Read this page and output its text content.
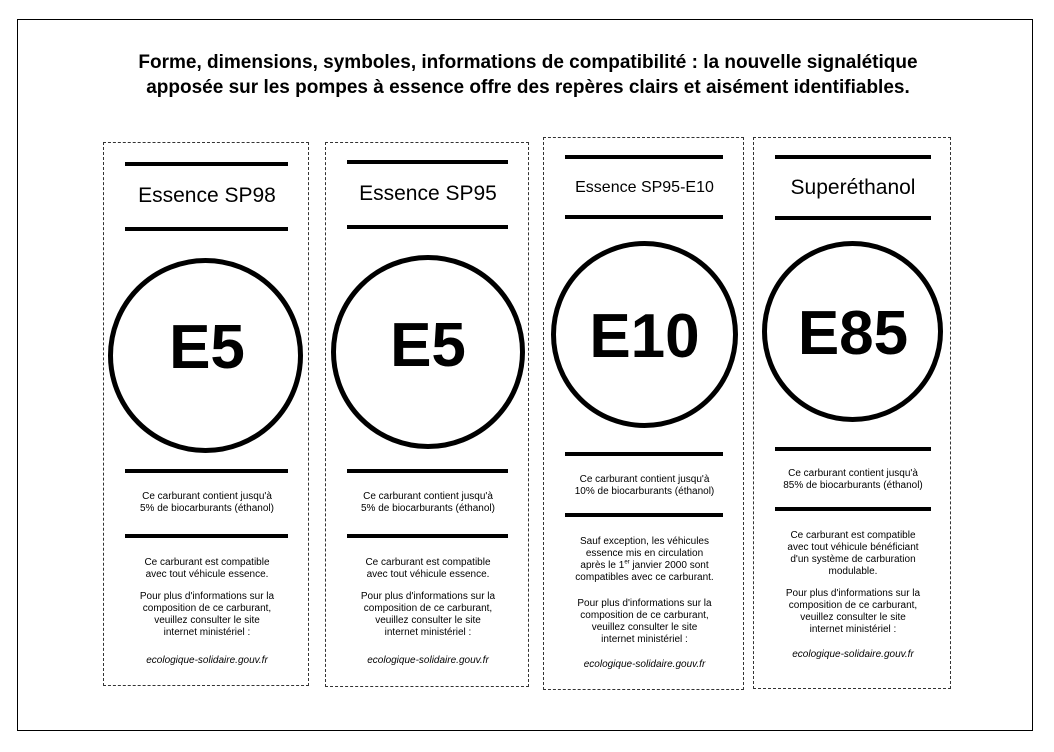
Forme, dimensions, symboles, informations de compatibilité : la nouvelle signalétique
apposée sur les pompes à essence offre des repères clairs et aisément identifiables.
Essence SP98
E5
Ce carburant contient jusqu'à
5% de biocarburants (éthanol)
Ce carburant est compatible
avec tout véhicule essence.
Pour plus d'informations sur la
composition de ce carburant,
veuillez consulter le site
internet ministériel :
ecologique-solidaire.gouv.fr
Essence SP95
E5
Ce carburant contient jusqu'à
5% de biocarburants (éthanol)
Ce carburant est compatible
avec tout véhicule essence.
Pour plus d'informations sur la
composition de ce carburant,
veuillez consulter le site
internet ministériel :
ecologique-solidaire.gouv.fr
Essence SP95-E10
E10
Ce carburant contient jusqu'à
10% de biocarburants (éthanol)
Sauf exception, les véhicules
essence mis en circulation
après le 1er janvier 2000 sont
compatibles avec ce carburant.
Pour plus d'informations sur la
composition de ce carburant,
veuillez consulter le site
internet ministériel :
ecologique-solidaire.gouv.fr
Superéthanol
E85
Ce carburant contient jusqu'à
85% de biocarburants (éthanol)
Ce carburant est compatible
avec tout véhicule bénéficiant
d'un système de carburation
modulable.
Pour plus d'informations sur la
composition de ce carburant,
veuillez consulter le site
internet ministériel :
ecologique-solidaire.gouv.fr
